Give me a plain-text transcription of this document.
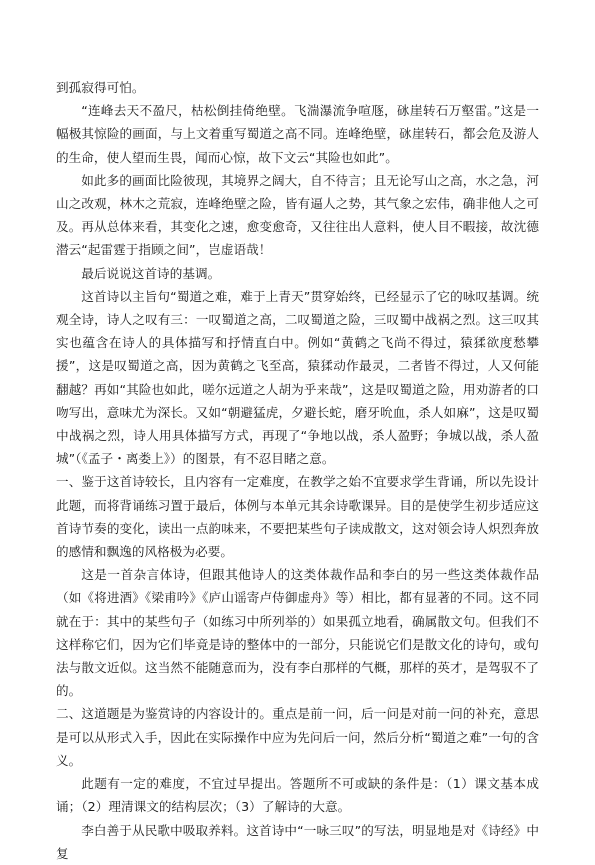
到孤寂得可怕。

“连峰去天不盈尺，枯松倒挂倚绝壁。飞湍瀑流争喧豗，砯崖转石万壑雷。”这是一幅极其惊险的画面，与上文着重写蜀道之高不同。连峰绝壁，砯崖转石，都会危及游人的生命，使人望而生畏，闻而心惊，故下文云“其险也如此”。

如此多的画面比险彼现，其境界之阔大，自不待言；且无论写山之高，水之急，河山之改观，林木之荒寂，连峰绝壁之险，皆有逼人之势，其气象之宏伟，确非他人之可及。再从总体来看，其变化之速，愈变愈奇，又往往出人意料，使人目不暇接，故沈德潜云“起雷霆于指顾之间”，岂虚语哉！

最后说说这首诗的基调。

这首诗以主旨句“蜀道之难，难于上青天”贯穿始终，已经显示了它的咏叹基调。统观全诗，诗人之叹有三：一叹蜀道之高，二叹蜀道之险，三叹蜀中战祸之烈。这三叹其实也蕴含在诗人的具体描写和抒情直白中。例如“黄鹤之飞尚不得过，猿猱欲度愁攀援”，这是叹蜀道之高，因为黄鹤之飞至高，猿猱动作最灵，二者皆不得过，人又何能翻越？再如“其险也如此，嗟尔远道之人胡为乎来哉”，这是叹蜀道之险，用劝游者的口吻写出，意味尤为深长。又如“朝避猛虎，夕避长蛇，磨牙吮血，杀人如麻”，这是叹蜀中战祸之烈，诗人用具体描写方式，再现了“争地以战，杀人盈野；争城以战，杀人盈城”（《孟子・离娄上》）的图景，有不忍目睹之意。

一、鉴于这首诗较长，且内容有一定难度，在教学之始不宜要求学生背诵，所以先设计此题，而将背诵练习置于最后，体例与本单元其余诗歌课异。目的是使学生初步适应这首诗节奏的变化，读出一点韵味来，不要把某些句子读成散文，这对领会诗人炽烈奔放的感情和飘逸的风格极为必要。

这是一首杂言体诗，但跟其他诗人的这类体裁作品和李白的另一些这类体裁作品（如《将进酒》《梁甫吟》《庐山谣寄卢侍御虚舟》等）相比，都有显著的不同。这不同就在于：其中的某些句子（如练习中所列举的）如果孤立地看，确属散文句。但我们不这样称它们，因为它们毕竟是诗的整体中的一部分，只能说它们是散文化的诗句，或句法与散文近似。这当然不能随意而为，没有李白那样的气概，那样的英才，是驾驭不了的。

二、这道题是为鉴赏诗的内容设计的。重点是前一问，后一问是对前一问的补充，意思是可以从形式入手，因此在实际操作中应为先问后一问，然后分析“蜀道之难”一句的含义。

此题有一定的难度，不宜过早提出。答题所不可或缺的条件是：（1）课文基本成诵；（2）理清课文的结构层次；（3）了解诗的大意。

李白善于从民歌中吸取养料。这首诗中“一咏三叹”的写法，明显地是对《诗经》中复
